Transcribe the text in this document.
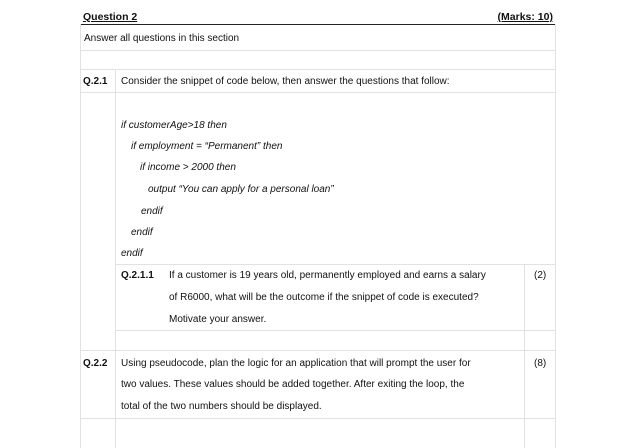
Question 2	(Marks: 10)
Answer all questions in this section
Q.2.1 Consider the snippet of code below, then answer the questions that follow:
if customerAge>18 then
if employment = “Permanent” then
if income > 2000 then
output “You can apply for a personal loan”
endif
endif
endif
Q.2.1.1 If a customer is 19 years old, permanently employed and earns a salary
of R6000, what will be the outcome if the snippet of code is executed?
Motivate your answer.
(2)
Q.2.2 Using pseudocode, plan the logic for an application that will prompt the user for
two values. These values should be added together. After exiting the loop, the
total of the two numbers should be displayed.
(8)
